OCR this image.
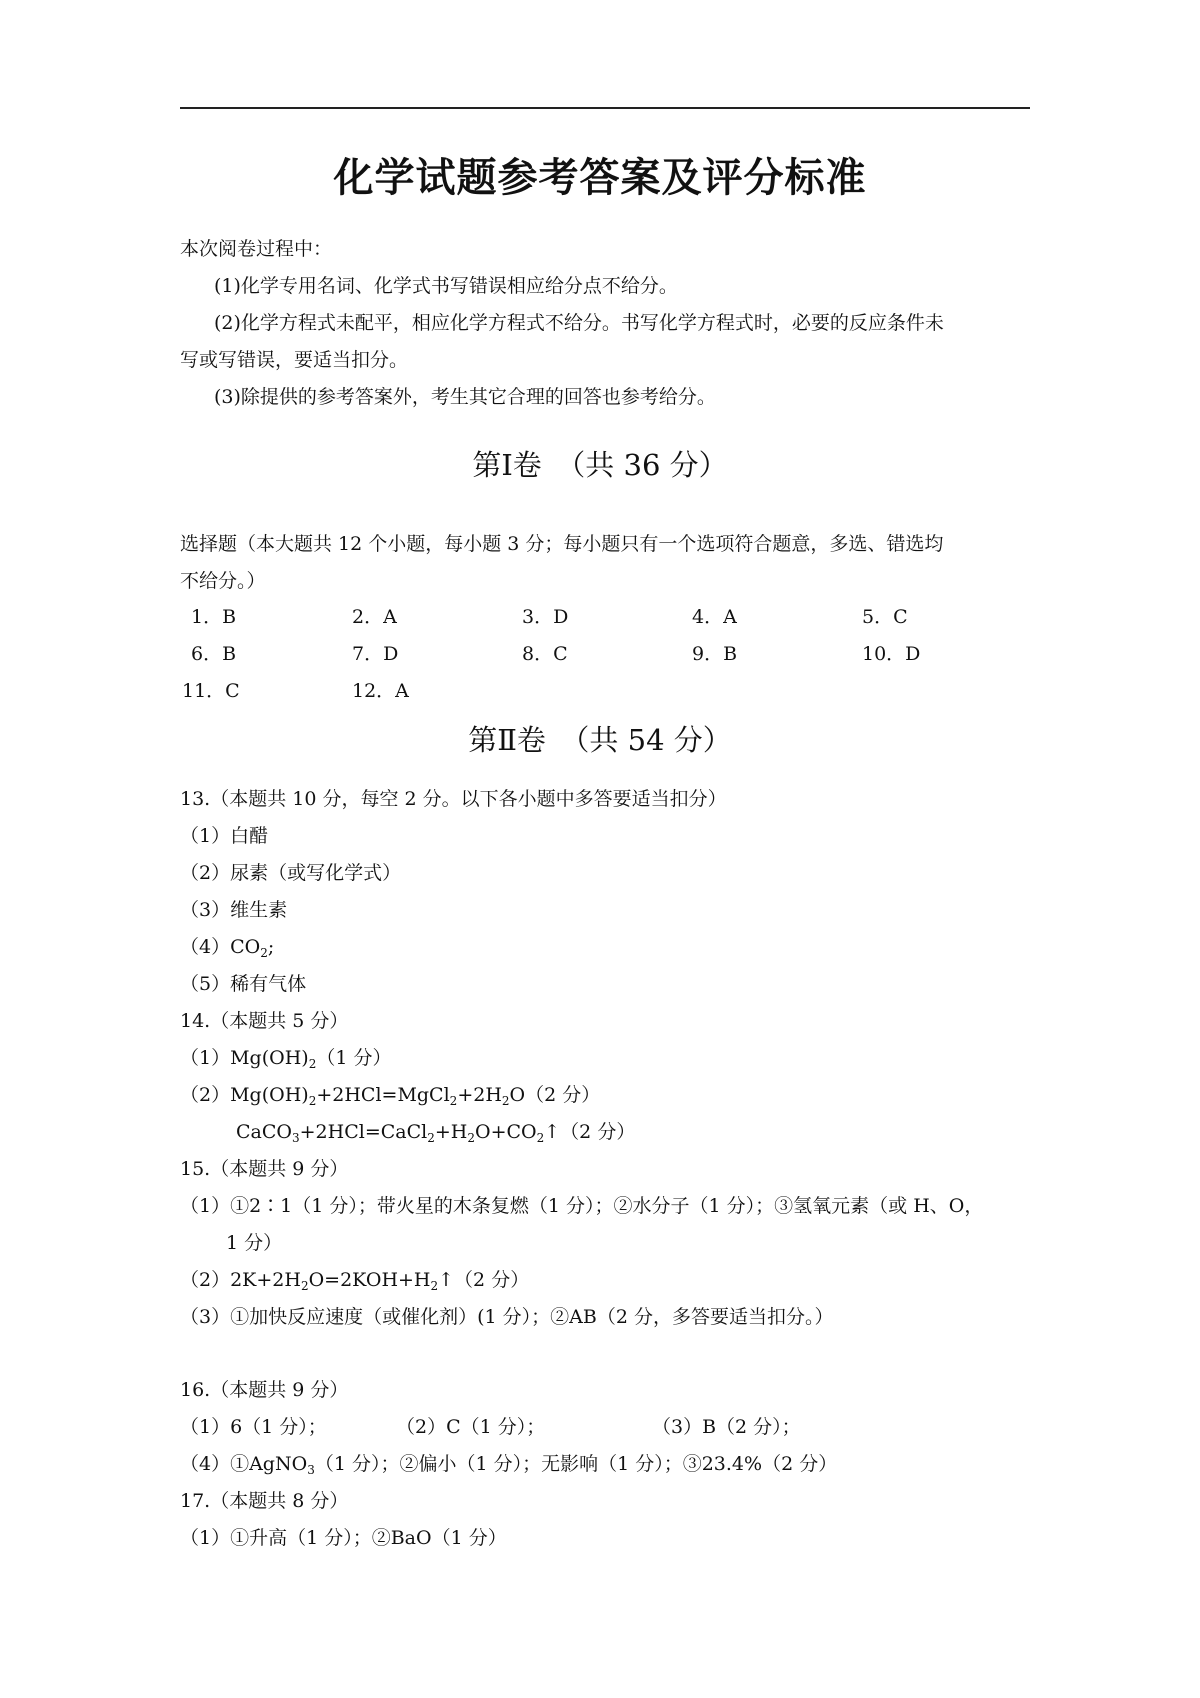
化学试题参考答案及评分标准
本次阅卷过程中：
(1)化学专用名词、化学式书写错误相应给分点不给分。
(2)化学方程式未配平，相应化学方程式不给分。书写化学方程式时，必要的反应条件未
写或写错误，要适当扣分。
(3)除提供的参考答案外，考生其它合理的回答也参考给分。
第Ⅰ卷　（共 36 分）
选择题（本大题共 12 个小题，每小题 3 分；每小题只有一个选项符合题意，多选、错选均
不给分。）
1．B	2．A	3．D	4．A	5．C
6．B	7．D	8．C	9．B	10．D
11．C	12．A
第Ⅱ卷　（共 54 分）
13.（本题共 10 分，每空 2 分。以下各小题中多答要适当扣分）
（1）白醋
（2）尿素（或写化学式）
（3）维生素
$(4)CO_2$;
（5）稀有气体
14.（本题共 5 分）
$(1)Mg(OH)_2(1$ 分）
$(2)Mg(OH)_2+2HCl=MgCl_2+2H_2O(2$ 分）
$CaCO_3+2HCl=CaCl_2+H_2O+CO_2↑(2$ 分）
15.（本题共 9 分）
（1）①2∶1（1 分）；带火星的木条复燃（1 分）；②水分子（1 分）；③氢氧元素（或 H、O，
1 分）
$(2)2K+2H_2O=2KOH+H_2↑(2$ 分）
（3）①加快反应速度（或催化剂）(1 分）；②AB（2 分，多答要适当扣分。）
16.（本题共 9 分）
（1）6（1 分）；	（2）C（1 分）；	（3）B（2 分）；
（4）①AgNO$_3$（1 分）；②偏小（1 分）；无影响（1 分）；③23.4%（2 分）
17.（本题共 8 分）
（1）①升高（1 分）；②BaO（1 分）
